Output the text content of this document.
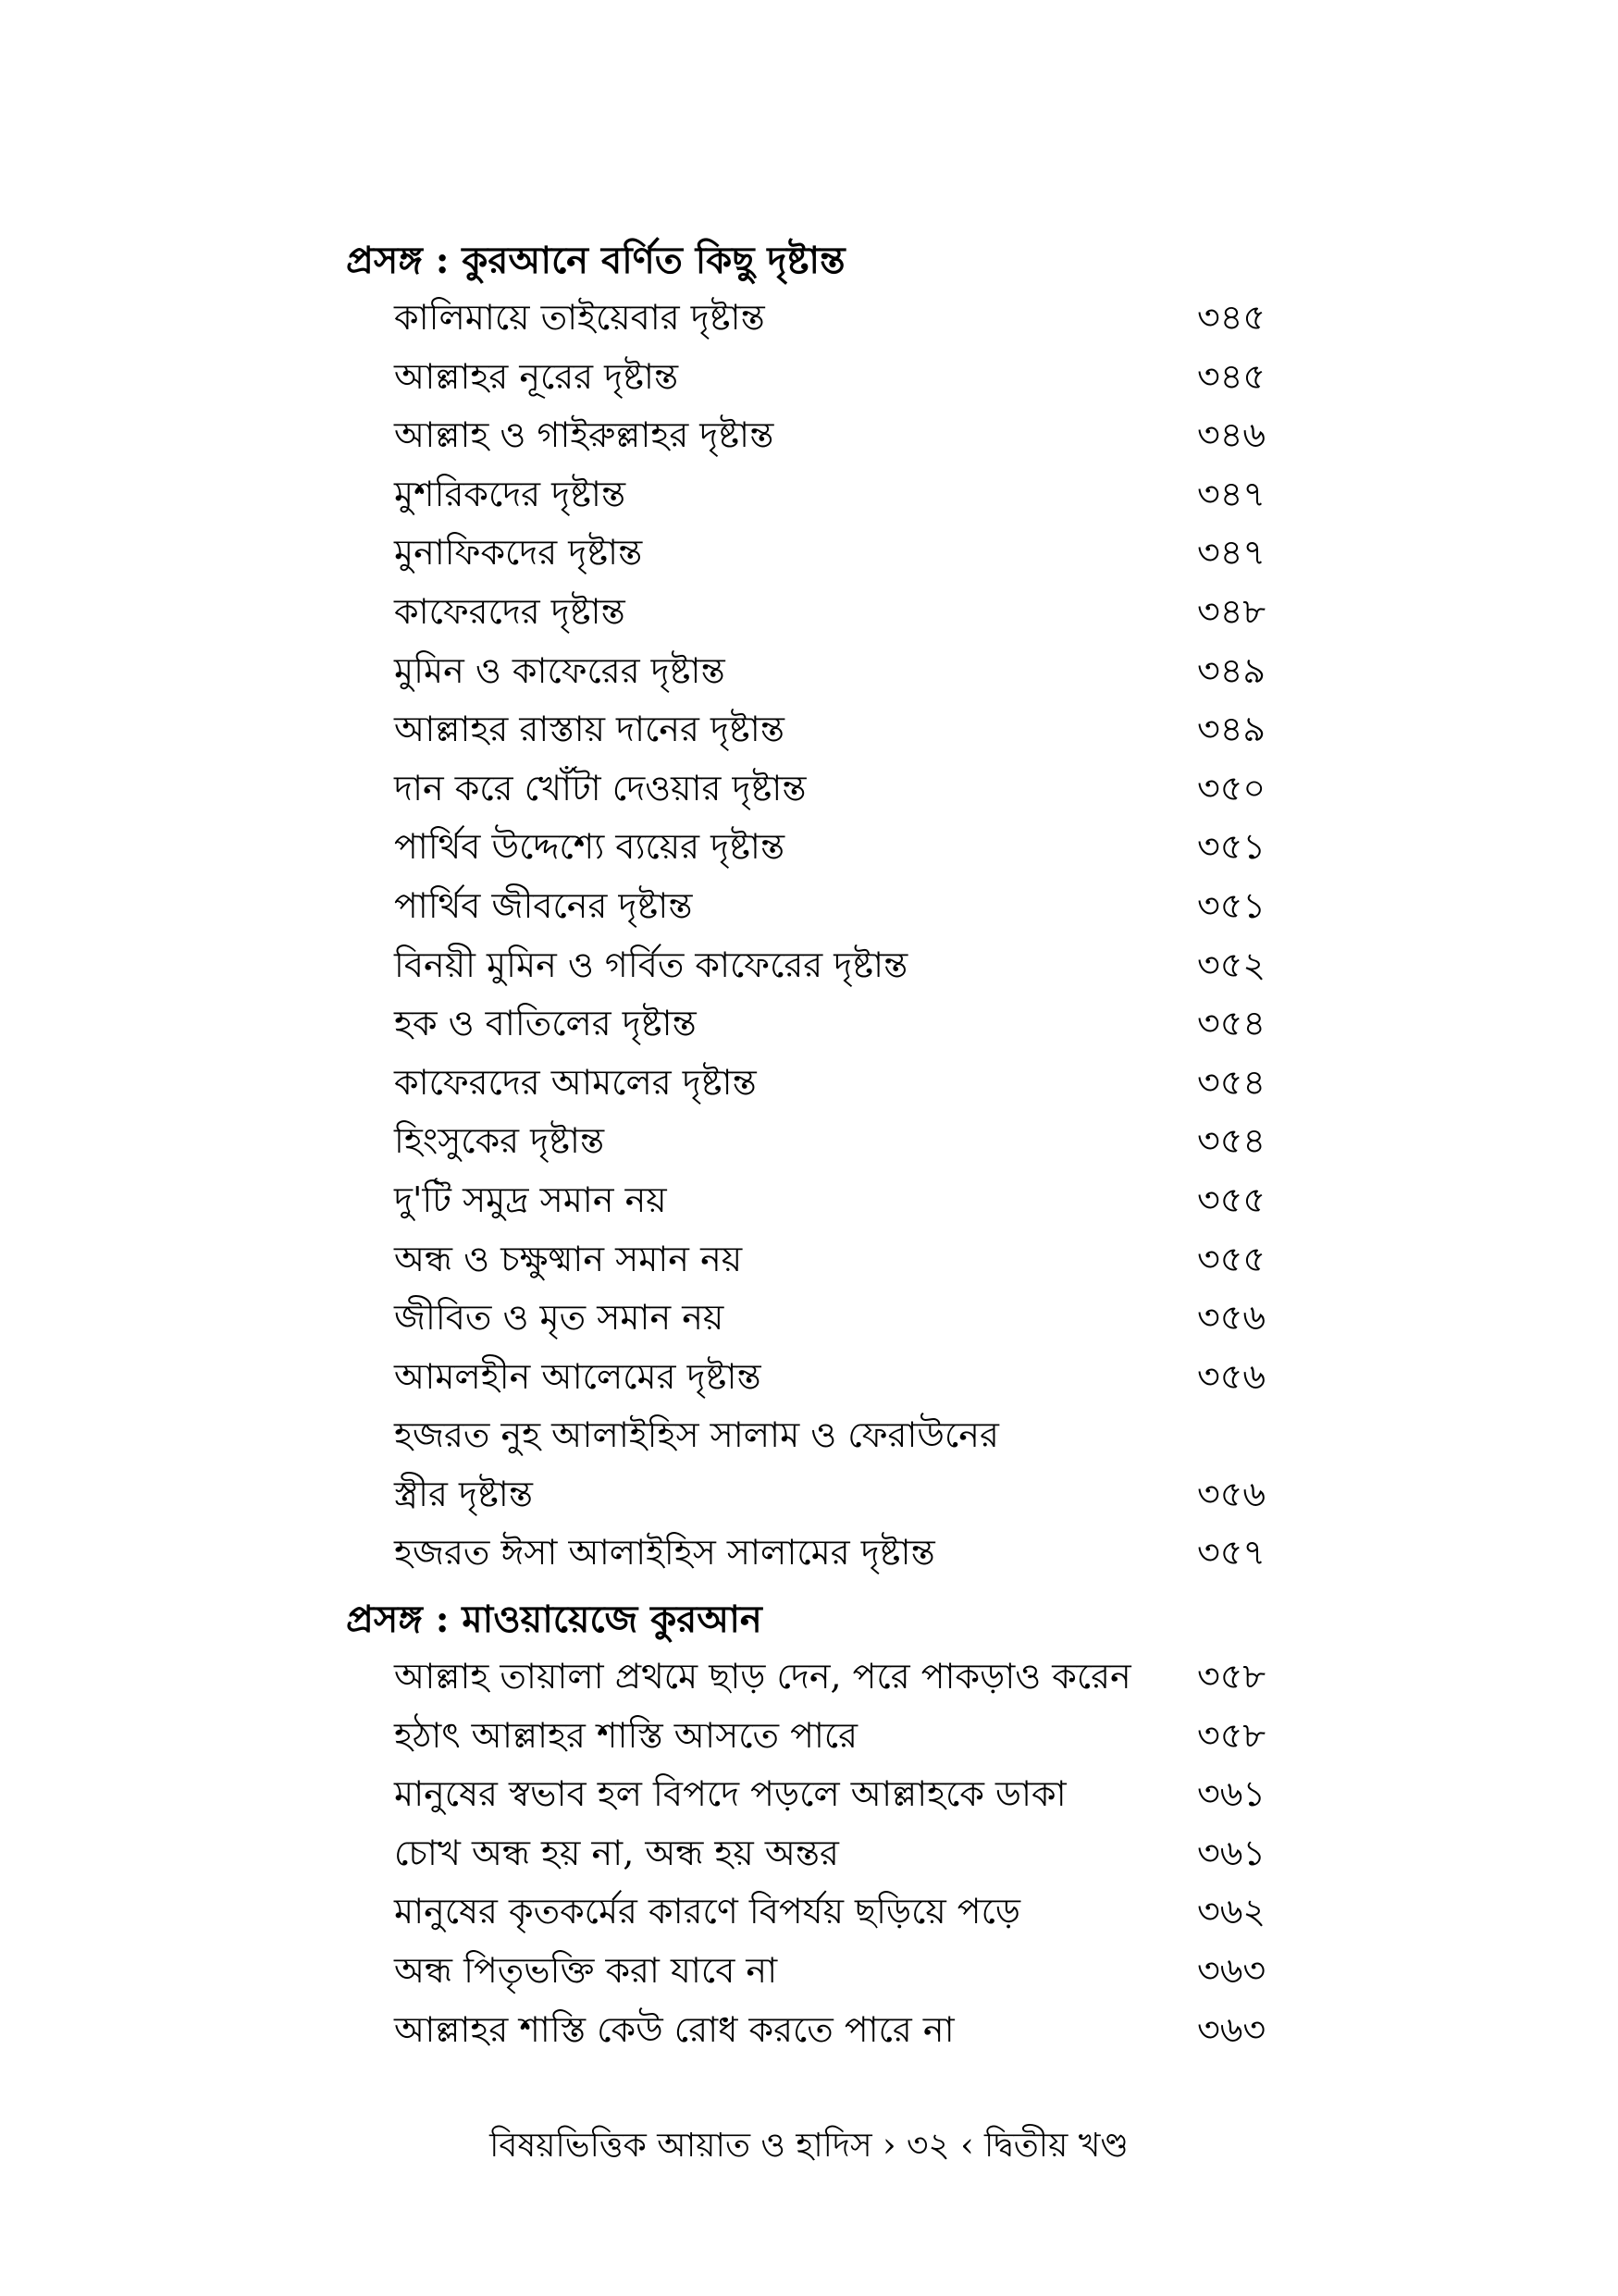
প্রসঙ্গ : কুরআনে বর্ণিত কিছু দৃষ্টান্ত
কালিমায়ে তাইয়েবার দৃষ্টান্ত	৩৪৫
আল্লাহর নূরের দৃষ্টান্ত	৩৪৫
আল্লাহ ও গাইরুল্লাহর দৃষ্টান্ত	৩৪৬
মুশরিকদের দৃষ্টান্ত	৩৪৭
মুনাফিকদের দৃষ্টান্ত	৩৪৭
কাফেরদের দৃষ্টান্ত	৩৪৮
মুমিন ও কাফেরের দৃষ্টান্ত	৩৪৯
আল্লাহর রাস্তায় দানের দৃষ্টান্ত	৩৪৯
দান করে খোঁটা দেওয়ার দৃষ্টান্ত	৩৫০
পার্থিব উদ্দেশ্যে ব্যয়ের দৃষ্টান্ত	৩৫১
পার্থিব জীবনের দৃষ্টান্ত	৩৫১
বিনয়ী মুমিন ও গর্বিত কাফেরের দৃষ্টান্ত	৩৫২
হক ও বাতিলের দৃষ্টান্ত	৩৫৪
কাফেরদের আমলের দৃষ্টান্ত	৩৫৪
হিংসুকের দৃষ্টান্ত	৩৫৪
দু'টি সমুদ্র সমান নয়	৩৫৫
অন্ধ ও চক্ষুষ্মান সমান নয়	৩৫৫
জীবিত ও মৃত সমান নয়	৩৫৬
আমলহীন আলেমের দৃষ্টান্ত	৩৫৬
হজরত নুহ আলাইহিস সালাম ও ফেরাউনের
স্ত্রীর দৃষ্টান্ত	৩৫৬
হজরত ঈসা আলাইহিস সালামের দৃষ্টান্ত	৩৫৭
প্রসঙ্গ : মাওয়ায়েজে কুরআন
আল্লাহ তায়ালা প্রথমে ছাড় দেন, পরে পাকড়াও করেন	৩৫৮
হঠাৎ আল্লাহর শাস্তি আসতে পারে	৩৫৮
মানুষের স্বভাব হল বিপদে পড়লে আল্লাহকে ডাকা	৩৬১
চোখ অন্ধ হয় না, অন্ধ হয় অন্তর	৩৬১
মানুষের কৃতকর্মের কারণে বিপর্যয় ছড়িয়ে পড়ে	৩৬২
অন্ধ পিতৃভক্তি করা যাবে না	৩৬৩
আল্লাহর শাস্তি কেউ রোধ করতে পারে না	৩৬৩
বিষয়ভিত্তিক আয়াত ও হাদিস › ৩২ ‹ দ্বিতীয় খণ্ড
